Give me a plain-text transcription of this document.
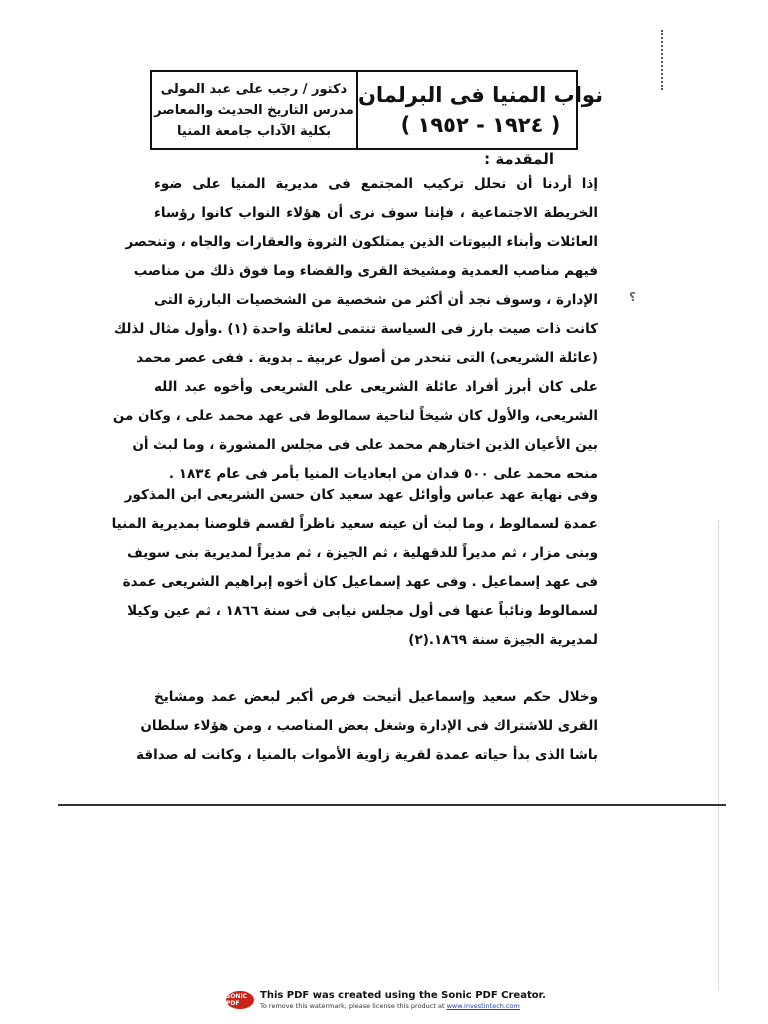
؟
دكتور / رجب على عبد المولى
مدرس التاريخ الحديث والمعاصر
بكلية الآداب جامعة المنيا
نواب المنيا فى البرلمان
( ١٩٢٤ - ١٩٥٢ )
المقدمة :
إذا أردنا أن نحلل تركيب المجتمع فى مديرية المنيا على ضوء
الخريطة الاجتماعية ، فإننا سوف نرى أن هؤلاء النواب كانوا رؤساء
العائلات وأبناء البيوتات الذين يمتلكون الثروة والعقارات والجاه ، وتنحصر
فيهم مناصب العمدية ومشيخة القرى والقضاء وما فوق ذلك من مناصب
الإدارة ، وسوف نجد أن أكثر من شخصية من الشخصيات البارزة التى
كانت ذات صيت بارز فى السياسة تنتمى لعائلة واحدة (١) .وأول مثال لذلك
(عائلة الشريعى) التى تنحدر من أصول عربية ـ بدوية . ففى عصر محمد
على كان أبرز أفراد عائلة الشريعى على الشريعى وأخوه عبد الله
الشريعى، والأول كان شيخاً لناحية سمالوط فى عهد محمد على ، وكان من
بين الأعيان الذين اختارهم محمد على فى مجلس المشورة ، وما لبث أن
منحه محمد على ٥٠٠ فدان من ابعاديات المنيا بأمر فى عام ١٨٣٤ .
وفى نهاية عهد عباس وأوائل عهد سعيد كان حسن الشريعى ابن المذكور
عمدة لسمالوط ، وما لبث أن عينه سعيد ناظراً لقسم قلوصنا بمديرية المنيا
وبنى مزار ، ثم مديراً للدقهلية ، ثم الجيزة ، ثم مديراً لمديرية بنى سويف
فى عهد إسماعيل . وفى عهد إسماعيل كان أخوه إبراهيم الشريعى عمدة
لسمالوط ونائباً عنها فى أول مجلس نيابى فى سنة ١٨٦٦ ، ثم عين وكيلا
لمديرية الجيزة سنة ١٨٦٩.(٢)
وخلال حكم سعيد وإسماعيل أتيحت فرص أكبر لبعض عمد ومشايخ
القرى للاشتراك فى الإدارة وشغل بعض المناصب ، ومن هؤلاء سلطان
باشا الذى بدأ حياته عمدة لقرية زاوية الأموات بالمنيا ، وكانت له صداقة
SONIC PDF
This PDF was created using the Sonic PDF Creator.
To remove this watermark, please license this product at www.investintech.com
